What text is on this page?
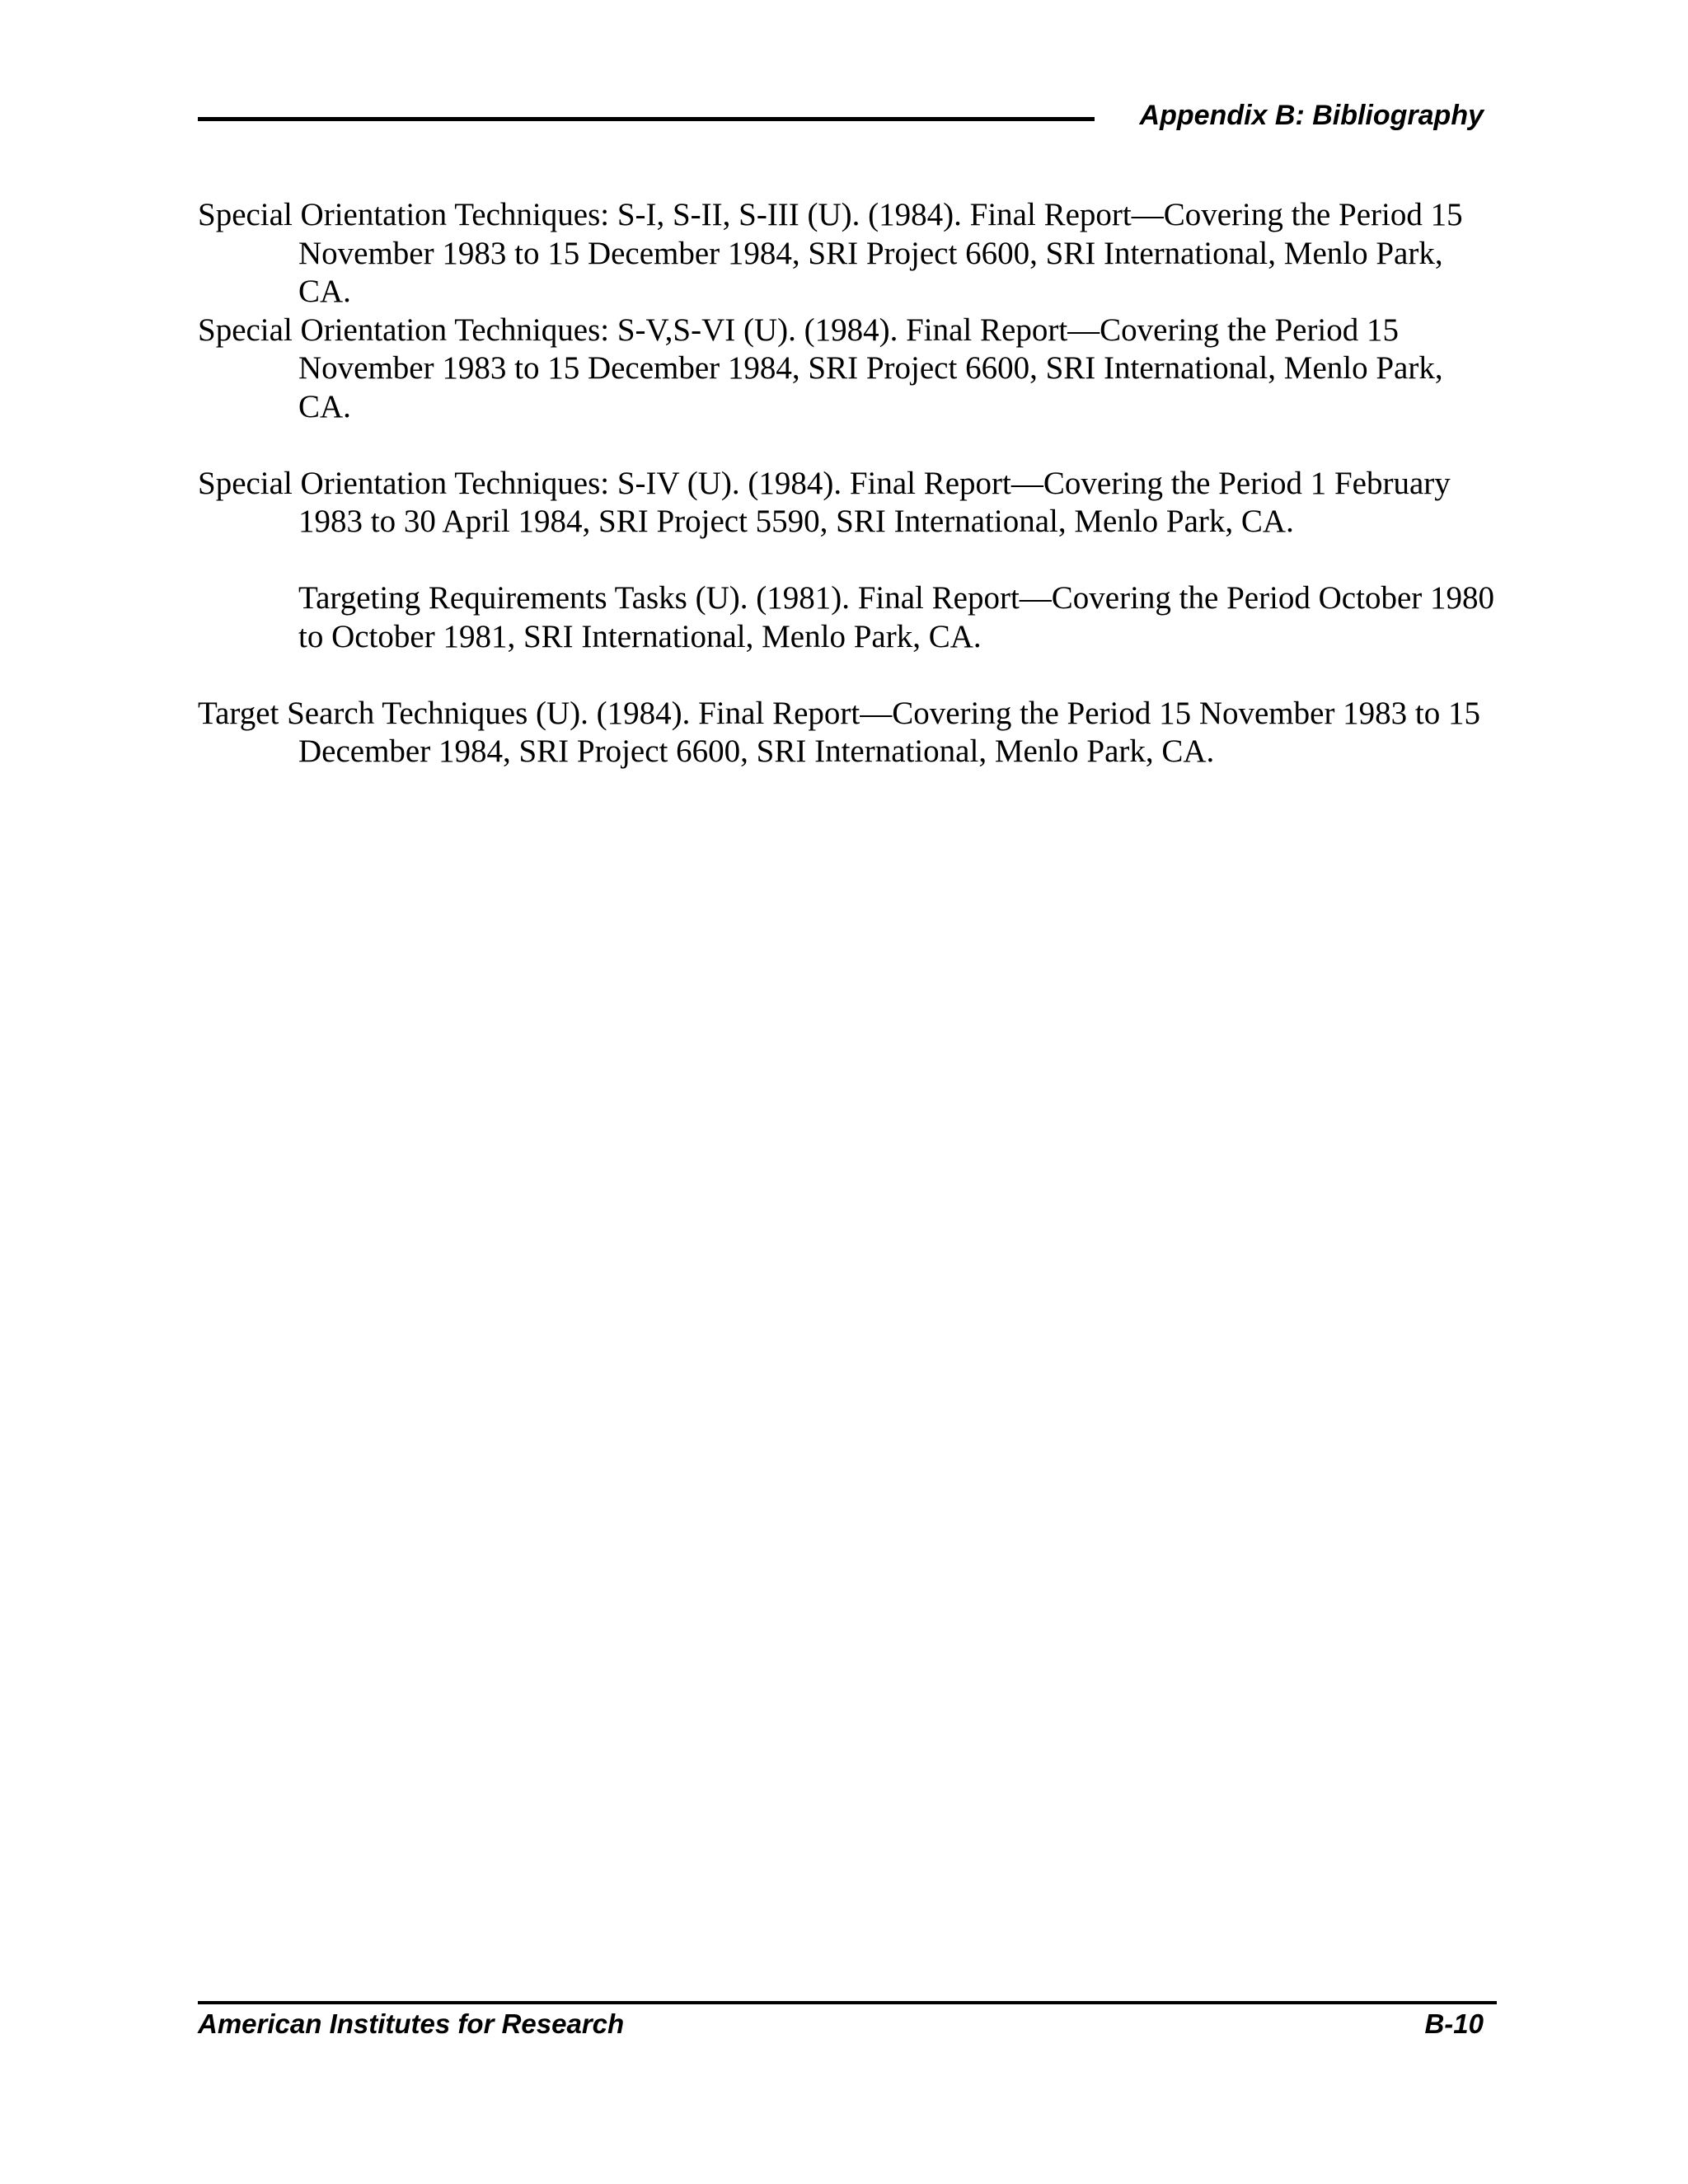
Appendix B: Bibliography

Special Orientation Techniques: S-I, S-II, S-III (U). (1984). Final Report—Covering the Period 15 November 1983 to 15 December 1984, SRI Project 6600, SRI International, Menlo Park, CA.

Special Orientation Techniques: S-V,S-VI (U). (1984). Final Report—Covering the Period 15 November 1983 to 15 December 1984, SRI Project 6600, SRI International, Menlo Park, CA.

Special Orientation Techniques: S-IV (U). (1984). Final Report—Covering the Period 1 February 1983 to 30 April 1984, SRI Project 5590, SRI International, Menlo Park, CA.

Targeting Requirements Tasks (U). (1981). Final Report—Covering the Period October 1980 to October 1981, SRI International, Menlo Park, CA.

Target Search Techniques (U). (1984). Final Report—Covering the Period 15 November 1983 to 15 December 1984, SRI Project 6600, SRI International, Menlo Park, CA.

American Institutes for Research	B-10
